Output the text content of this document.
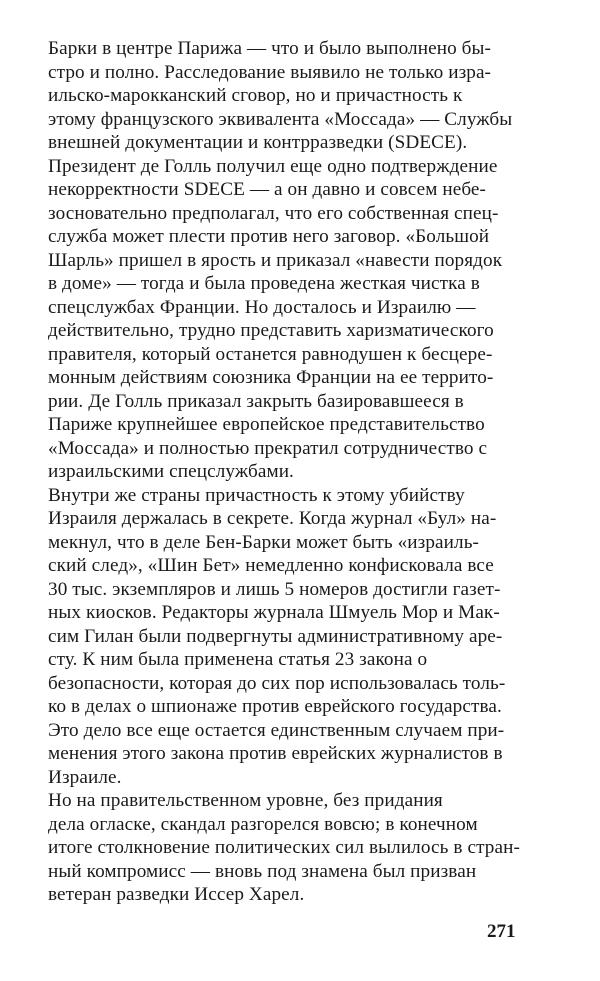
Барки в центре Парижа — что и было выполнено бы-
стро и полно. Расследование выявило не только изра-
ильско-марокканский сговор, но и причастность к
этому французского эквивалента «Моссада» — Службы
внешней документации и контрразведки (SDECE).
Президент де Голль получил еще одно подтверждение
некорректности SDECE — а он давно и совсем небе-
зосновательно предполагал, что его собственная спец-
служба может плести против него заговор. «Большой
Шарль» пришел в ярость и приказал «навести порядок
в доме» — тогда и была проведена жесткая чистка в
спецслужбах Франции. Но досталось и Израилю —
действительно, трудно представить харизматического
правителя, который останется равнодушен к бесцере-
монным действиям союзника Франции на ее террито-
рии. Де Голль приказал закрыть базировавшееся в
Париже крупнейшее европейское представительство
«Моссада» и полностью прекратил сотрудничество с
израильскими спецслужбами.

Внутри же страны причастность к этому убийству
Израиля держалась в секрете. Когда журнал «Бул» на-
мекнул, что в деле Бен-Барки может быть «израиль-
ский след», «Шин Бет» немедленно конфисковала все
30 тыс. экземпляров и лишь 5 номеров достигли газет-
ных киосков. Редакторы журнала Шмуель Мор и Мак-
сим Гилан были подвергнуты административному аре-
сту. К ним была применена статья 23 закона о
безопасности, которая до сих пор использовалась толь-
ко в делах о шпионаже против еврейского государства.
Это дело все еще остается единственным случаем при-
менения этого закона против еврейских журналистов в
Израиле.

Но на правительственном уровне, без придания
дела огласке, скандал разгорелся вовсю; в конечном
итоге столкновение политических сил вылилось в стран-
ный компромисс — вновь под знамена был призван
ветеран разведки Иссер Харел.

271
